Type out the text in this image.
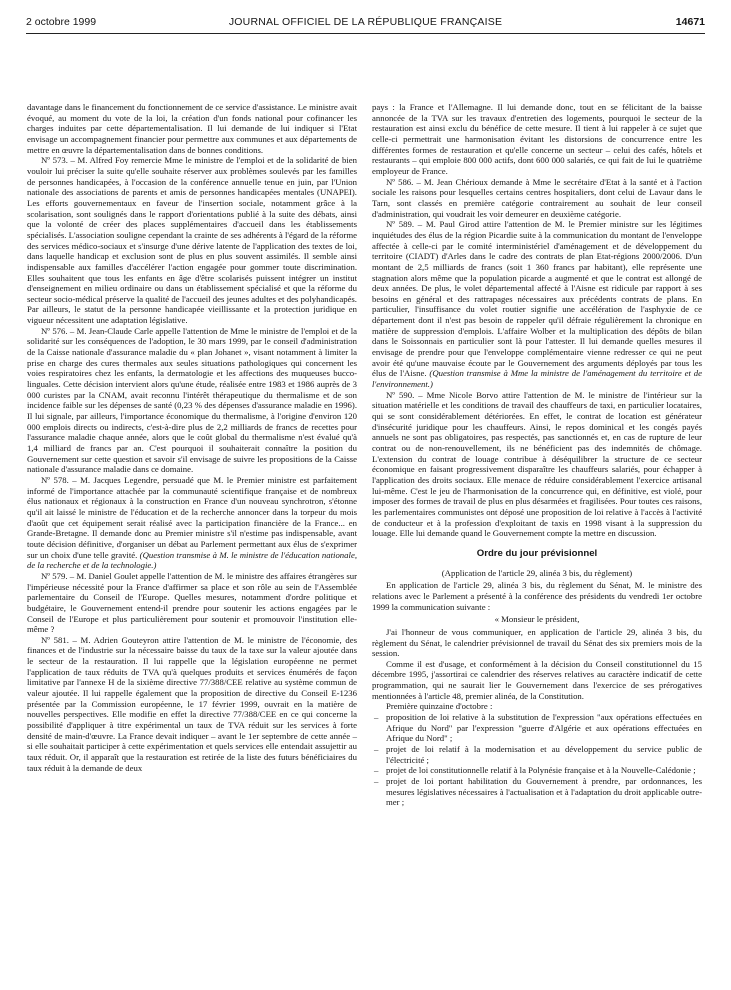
2 octobre 1999	JOURNAL OFFICIEL DE LA RÉPUBLIQUE FRANÇAISE	14671

davantage dans le financement du fonctionnement de ce service d'assistance. Le ministre avait évoqué, au moment du vote de la loi, la création d'un fonds national pour cofinancer les charges induites par cette départementalisation. Il lui demande de lui indiquer si l'Etat envisage un accompagnement financier pour permettre aux communes et aux départements de mettre en œuvre la départementalisation dans de bonnes conditions.

Nº 573. – M. Alfred Foy remercie Mme le ministre de l'emploi et de la solidarité de bien vouloir lui préciser la suite qu'elle souhaite réserver aux problèmes soulevés par les familles de personnes handicapées, à l'occasion de la conférence annuelle tenue en juin, par l'Union nationale des associations de parents et amis de personnes handicapées mentales (UNAPEI). Les efforts gouvernementaux en faveur de l'insertion sociale, notamment grâce à la scolarisation, sont soulignés dans le rapport d'orientations publié à la suite des débats, ainsi que la volonté de créer des places supplémentaires d'accueil dans les établissements spécialisés. L'association souligne cependant la crainte de ses adhérents à l'égard de la réforme des services médico-sociaux et s'insurge d'une dérive latente de l'application des textes de loi, dans laquelle handicap et exclusion sont de plus en plus souvent assimilés. Il semble ainsi indispensable aux familles d'accélérer l'action engagée pour gommer toute discrimination. Elles souhaitent que tous les enfants en âge d'être scolarisés puissent intégrer un institut d'enseignement en milieu ordinaire ou dans un établissement spécialisé et que la réforme du secteur socio-médical préserve la qualité de l'accueil des jeunes adultes et des polyhandicapés. Par ailleurs, le statut de la personne handicapée vieillissante et la protection juridique en vigueur nécessitent une adaptation législative.

Nº 576. – M. Jean-Claude Carle appelle l'attention de Mme le ministre de l'emploi et de la solidarité sur les conséquences de l'adoption, le 30 mars 1999, par le conseil d'administration de la Caisse nationale d'assurance maladie du « plan Johanet », visant notamment à limiter la prise en charge des cures thermales aux seules situations pathologiques qui concernent les voies respiratoires chez les enfants, la dermatologie et les affections des muqueuses bucco-linguales. Cette décision intervient alors qu'une étude, réalisée entre 1983 et 1986 auprès de 3 000 curistes par la CNAM, avait reconnu l'intérêt thérapeutique du thermalisme et de son incidence faible sur les dépenses de santé (0,23 % des dépenses d'assurance maladie en 1996). Il lui signale, par ailleurs, l'importance économique du thermalisme, à l'origine d'environ 120 000 emplois directs ou indirects, c'est-à-dire plus de 2,2 milliards de francs de recettes pour l'assurance maladie chaque année, alors que le coût global du thermalisme n'est évalué qu'à 1,4 milliard de francs par an. C'est pourquoi il souhaiterait connaître la position du Gouvernement sur cette question et savoir s'il envisage de suivre les propositions de la Caisse nationale d'assurance maladie dans ce domaine.

Nº 578. – M. Jacques Legendre, persuadé que M. le Premier ministre est parfaitement informé de l'importance attachée par la communauté scientifique française et de nombreux élus nationaux et régionaux à la construction en France d'un nouveau synchrotron, s'étonne qu'il ait laissé le ministre de l'éducation et de la recherche annoncer dans la torpeur du mois d'août que cet équipement serait réalisé avec la participation financière de la France... en Grande-Bretagne. Il demande donc au Premier ministre s'il n'estime pas indispensable, avant toute décision définitive, d'organiser un débat au Parlement permettant aux élus de s'exprimer sur un choix d'une telle gravité. (Question transmise à M. le ministre de l'éducation nationale, de la recherche et de la technologie.)

Nº 579. – M. Daniel Goulet appelle l'attention de M. le ministre des affaires étrangères sur l'impérieuse nécessité pour la France d'affirmer sa place et son rôle au sein de l'Assemblée parlementaire du Conseil de l'Europe. Quelles mesures, notamment d'ordre politique et budgétaire, le Gouvernement entend-il prendre pour soutenir les actions engagées par le Conseil de l'Europe et plus particulièrement pour soutenir et promouvoir l'institution elle-même ?

Nº 581. – M. Adrien Gouteyron attire l'attention de M. le ministre de l'économie, des finances et de l'industrie sur la nécessaire baisse du taux de la taxe sur la valeur ajoutée dans le secteur de la restauration. Il lui rappelle que la législation européenne ne permet l'application de taux réduits de TVA qu'à quelques produits et services énumérés de façon limitative par l'annexe H de la sixième directive 77/388/CEE relative au système commun de valeur ajoutée. Il lui rappelle également que la proposition de directive du Conseil E-1236 présentée par la Commission européenne, le 17 février 1999, ouvrait en la matière de nouvelles perspectives. Elle modifie en effet la directive 77/388/CEE en ce qui concerne la possibilité d'appliquer à titre expérimental un taux de TVA réduit sur les services à forte densité de main-d'œuvre. La France devait indiquer – avant le 1er septembre de cette année – si elle souhaitait participer à cette expérimentation et quels services elle entendait assujettir au taux réduit. Or, il apparaît que la restauration est retirée de la liste des futurs bénéficiaires du taux réduit à la demande de deux

pays : la France et l'Allemagne. Il lui demande donc, tout en se félicitant de la baisse annoncée de la TVA sur les travaux d'entretien des logements, pourquoi le secteur de la restauration est ainsi exclu du bénéfice de cette mesure. Il tient à lui rappeler à ce sujet que celle-ci permettrait une harmonisation évitant les distorsions de concurrence entre les différentes formes de restauration et qu'elle concerne un secteur – celui des cafés, hôtels et restaurants – qui emploie 800 000 actifs, dont 600 000 salariés, ce qui fait de lui le quatrième employeur de France.

Nº 586. – M. Jean Chérioux demande à Mme le secrétaire d'Etat à la santé et à l'action sociale les raisons pour lesquelles certains centres hospitaliers, dont celui de Lavaur dans le Tarn, sont classés en première catégorie contrairement au souhait de leur conseil d'administration, qui voudrait les voir demeurer en deuxième catégorie.

Nº 589. – M. Paul Girod attire l'attention de M. le Premier ministre sur les légitimes inquiétudes des élus de la région Picardie suite à la communication du montant de l'enveloppe affectée à celle-ci par le comité interministériel d'aménagement et de développement du territoire (CIADT) d'Arles dans le cadre des contrats de plan Etat-régions 2000/2006. D'un montant de 2,5 milliards de francs (soit 1 360 francs par habitant), elle représente une stagnation alors même que la population picarde a augmenté et que le contrat est allongé de deux années. De plus, le volet départemental affecté à l'Aisne est ridicule par rapport à ses besoins en général et des rattrapages nécessaires aux précédents contrats de plans. En particulier, l'insuffisance du volet routier signifie une accélération de l'asphyxie de ce département dont il n'est pas besoin de rappeler qu'il défraie régulièrement la chronique en matière de suppression d'emplois. L'affaire Wolber et la multiplication des dépôts de bilan dans le Soissonnais en particulier sont là pour l'attester. Il lui demande quelles mesures il envisage de prendre pour que l'enveloppe complémentaire vienne redresser ce qui ne peut avoir été qu'une mauvaise écoute par le Gouvernement des arguments déployés par tous les élus de l'Aisne. (Question transmise à Mme la ministre de l'aménagement du territoire et de l'environnement.)

Nº 590. – Mme Nicole Borvo attire l'attention de M. le ministre de l'intérieur sur la situation matérielle et les conditions de travail des chauffeurs de taxi, en particulier locataires, qui se sont considérablement détériorées. En effet, le contrat de location est générateur d'insécurité juridique pour les chauffeurs. Ainsi, le repos dominical et les congés payés annuels ne sont pas obligatoires, pas respectés, pas sanctionnés et, en cas de rupture de leur contrat ou de non-renouvellement, ils ne bénéficient pas des indemnités de chômage. L'extension du contrat de louage contribue à déséquilibrer la structure de ce secteur économique en faisant progressivement disparaître les chauffeurs salariés, pour échapper à l'application des droits sociaux. Elle menace de réduire considérablement l'exercice artisanal lui-même. C'est le jeu de l'harmonisation de la concurrence qui, en définitive, est violé, pour imposer des formes de travail de plus en plus désarmées et fragilisées. Pour toutes ces raisons, les parlementaires communistes ont déposé une proposition de loi relative à l'accès à l'activité de conducteur et à la profession d'exploitant de taxis en 1998 visant à la suppression du louage. Elle lui demande quand le Gouvernement compte la mettre en discussion.

Ordre du jour prévisionnel

(Application de l'article 29, alinéa 3 bis, du règlement)

En application de l'article 29, alinéa 3 bis, du règlement du Sénat, M. le ministre des relations avec le Parlement a présenté à la conférence des présidents du vendredi 1er octobre 1999 la communication suivante :

« Monsieur le président,

J'ai l'honneur de vous communiquer, en application de l'article 29, alinéa 3 bis, du règlement du Sénat, le calendrier prévisionnel de travail du Sénat des six premiers mois de la session.

Comme il est d'usage, et conformément à la décision du Conseil constitutionnel du 15 décembre 1995, j'assortirai ce calendrier des réserves relatives au caractère indicatif de cette programmation, qui ne saurait lier le Gouvernement dans l'exercice de ses prérogatives mentionnées à l'article 48, premier alinéa, de la Constitution.

Première quinzaine d'octobre :

– proposition de loi relative à la substitution de l'expression "aux opérations effectuées en Afrique du Nord" par l'expression "guerre d'Algérie et aux opérations effectuées en Afrique du Nord" ;
– projet de loi relatif à la modernisation et au développement du service public de l'électricité ;
– projet de loi constitutionnelle relatif à la Polynésie française et à la Nouvelle-Calédonie ;
– projet de loi portant habilitation du Gouvernement à prendre, par ordonnances, les mesures législatives nécessaires à l'actualisation et à l'adaptation du droit applicable outre-mer ;
